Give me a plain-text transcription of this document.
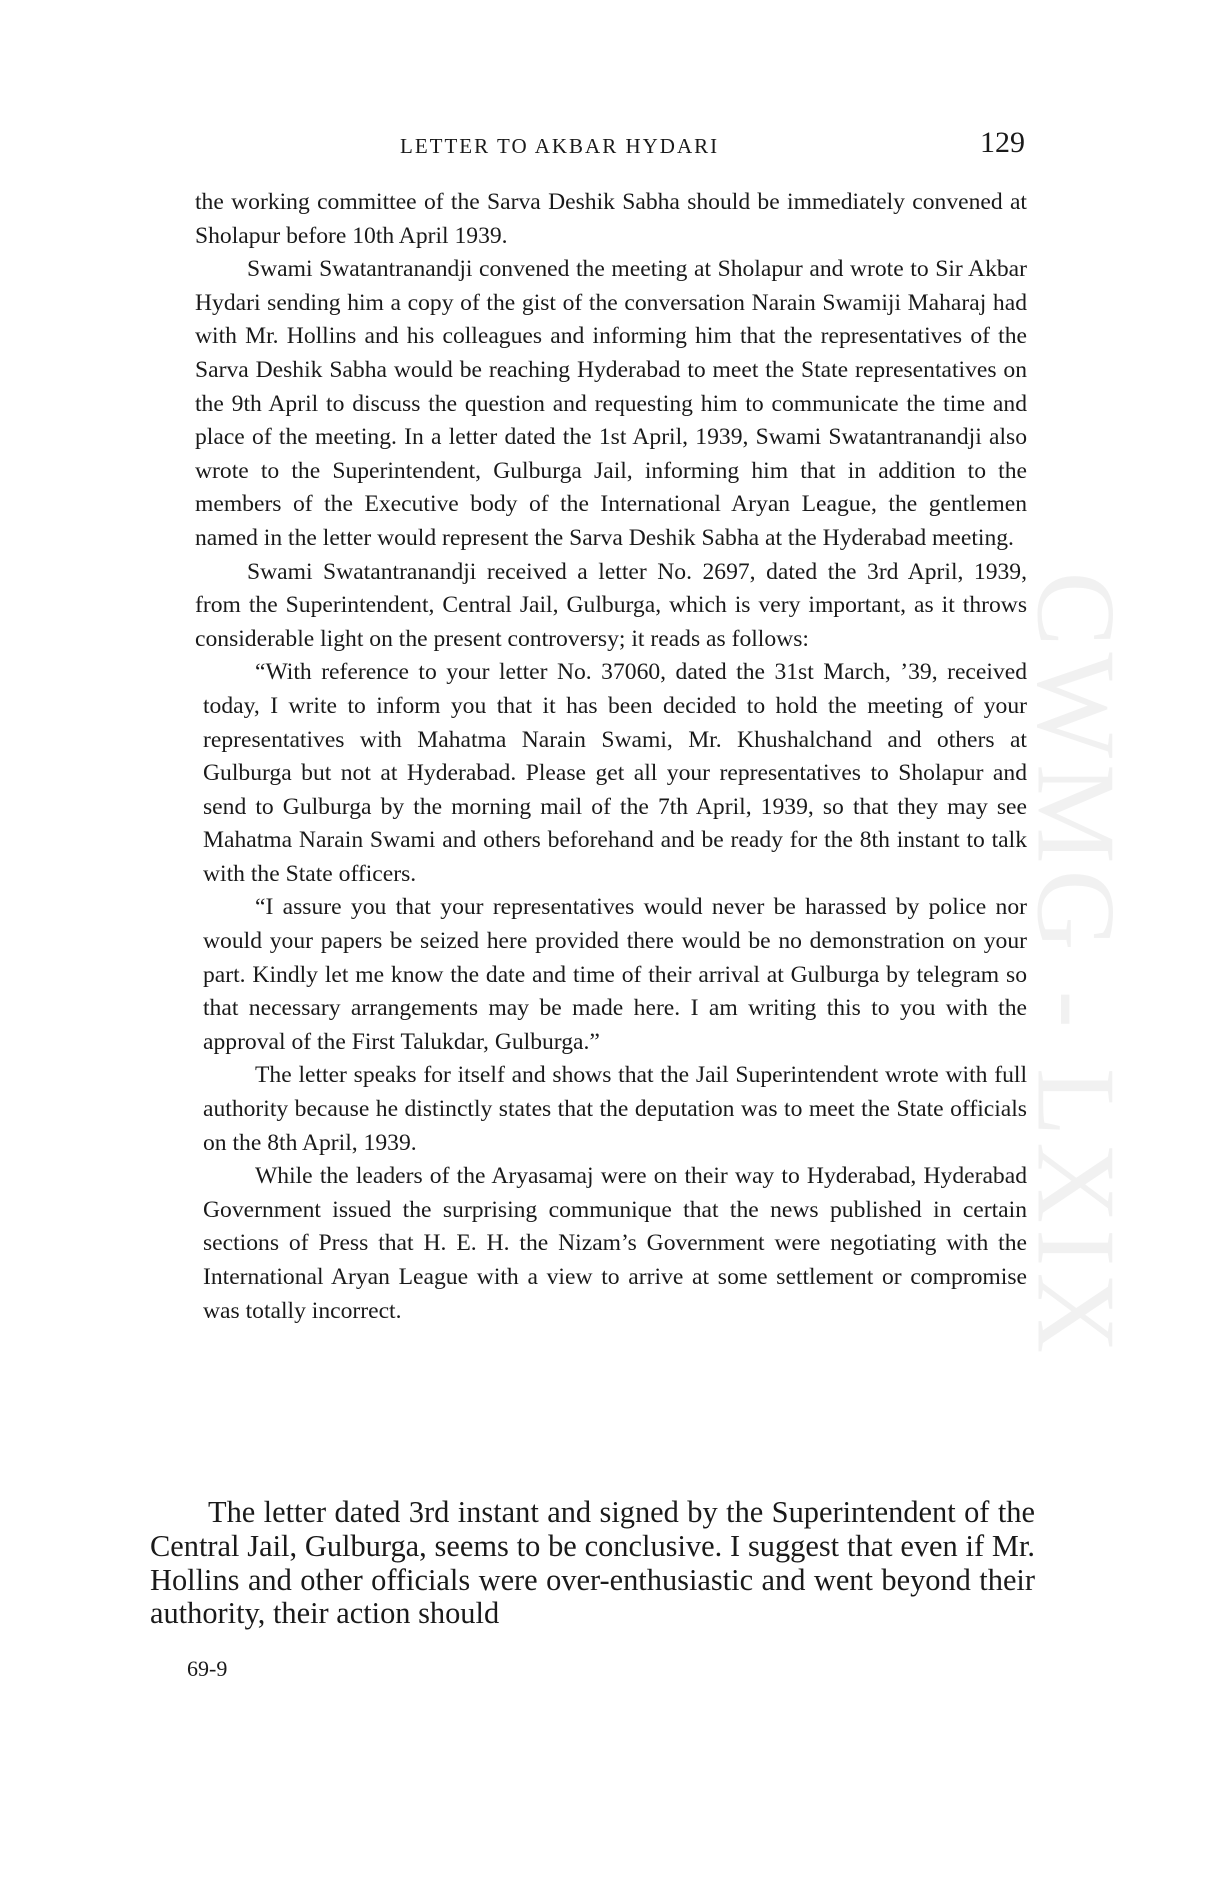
CWMG - LXIX
LETTER TO AKBAR HYDARI	129

the working committee of the Sarva Deshik Sabha should be immediately convened at Sholapur before 10th April 1939.

Swami Swatantranandji convened the meeting at Sholapur and wrote to Sir Akbar Hydari sending him a copy of the gist of the conversation Narain Swamiji Maharaj had with Mr. Hollins and his colleagues and informing him that the representatives of the Sarva Deshik Sabha would be reaching Hyderabad to meet the State representatives on the 9th April to discuss the question and requesting him to communicate the time and place of the meeting. In a letter dated the 1st April, 1939, Swami Swatantranandji also wrote to the Superintendent, Gulburga Jail, informing him that in addition to the members of the Executive body of the International Aryan League, the gentlemen named in the letter would represent the Sarva Deshik Sabha at the Hyderabad meeting.

Swami Swatantranandji received a letter No. 2697, dated the 3rd April, 1939, from the Superintendent, Central Jail, Gulburga, which is very important, as it throws considerable light on the present controversy; it reads as follows:

“With reference to your letter No. 37060, dated the 31st March, ’39, received today, I write to inform you that it has been decided to hold the meeting of your representatives with Mahatma Narain Swami, Mr. Khushalchand and others at Gulburga but not at Hyderabad. Please get all your representatives to Sholapur and send to Gulburga by the morning mail of the 7th April, 1939, so that they may see Mahatma Narain Swami and others beforehand and be ready for the 8th instant to talk with the State officers.

“I assure you that your representatives would never be harassed by police nor would your papers be seized here provided there would be no demonstration on your part. Kindly let me know the date and time of their arrival at Gulburga by telegram so that necessary arrangements may be made here. I am writing this to you with the approval of the First Talukdar, Gulburga.”

The letter speaks for itself and shows that the Jail Superintendent wrote with full authority because he distinctly states that the deputation was to meet the State officials on the 8th April, 1939.

While the leaders of the Aryasamaj were on their way to Hyderabad, Hyderabad Government issued the surprising communique that the news published in certain sections of Press that H. E. H. the Nizam’s Government were negotiating with the International Aryan League with a view to arrive at some settlement or compromise was totally incorrect.

The letter dated 3rd instant and signed by the Superintendent of the Central Jail, Gulburga, seems to be conclusive. I suggest that even if Mr. Hollins and other officials were over-enthusiastic and went beyond their authority, their action should

69-9
